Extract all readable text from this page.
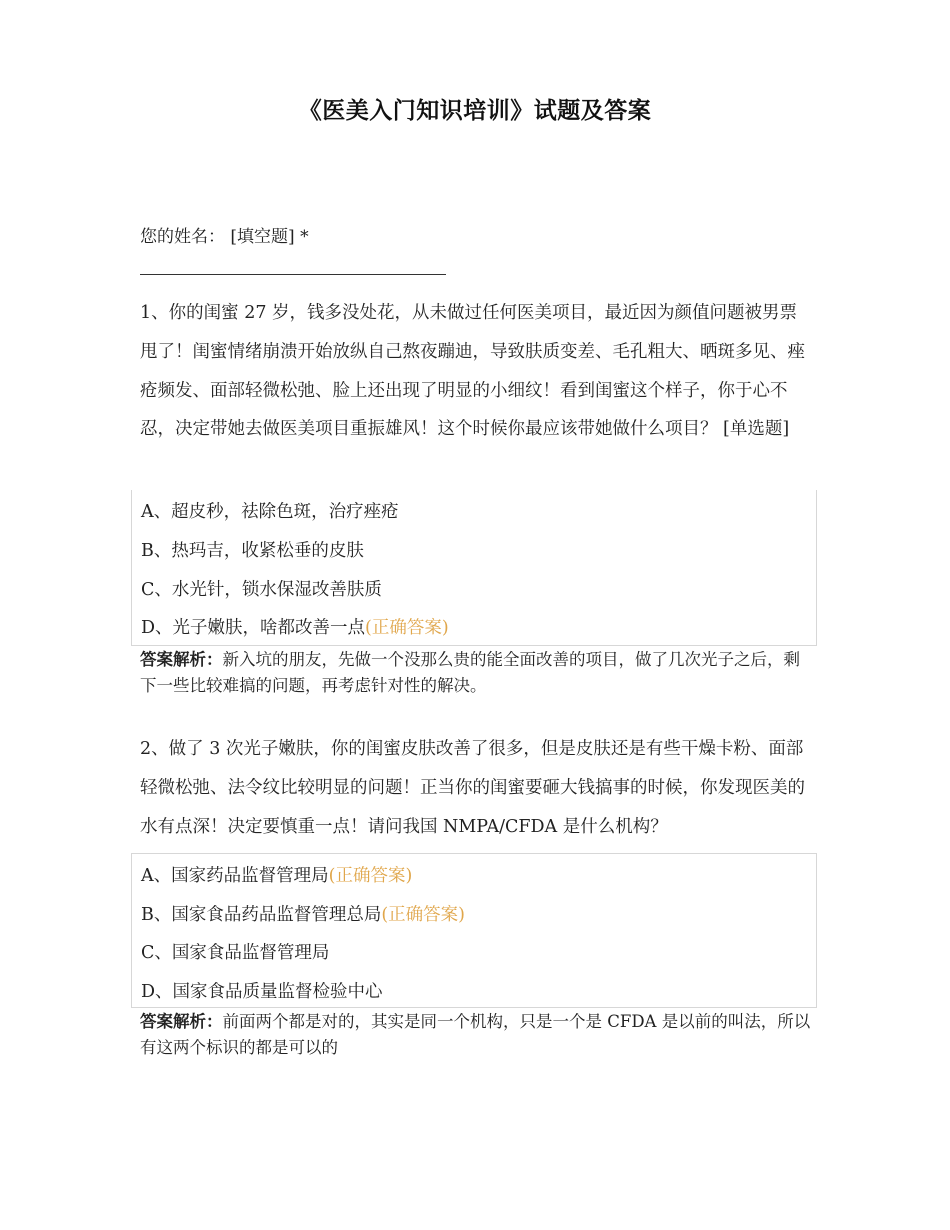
《医美入门知识培训》试题及答案
您的姓名： [填空题] *
1、你的闺蜜 27 岁，钱多没处花，从未做过任何医美项目，最近因为颜值问题被男票甩了！闺蜜情绪崩溃开始放纵自己熬夜蹦迪，导致肤质变差、毛孔粗大、晒斑多见、痤疮频发、面部轻微松弛、脸上还出现了明显的小细纹！看到闺蜜这个样子，你于心不忍，决定带她去做医美项目重振雄风！这个时候你最应该带她做什么项目？ [单选题]
A、超皮秒，祛除色斑，治疗痤疮
B、热玛吉，收紧松垂的皮肤
C、水光针，锁水保湿改善肤质
D、光子嫩肤，啥都改善一点(正确答案)
答案解析：新入坑的朋友，先做一个没那么贵的能全面改善的项目，做了几次光子之后，剩下一些比较难搞的问题，再考虑针对性的解决。
2、做了 3 次光子嫩肤，你的闺蜜皮肤改善了很多，但是皮肤还是有些干燥卡粉、面部轻微松弛、法令纹比较明显的问题！正当你的闺蜜要砸大钱搞事的时候，你发现医美的水有点深！决定要慎重一点！请问我国 NMPA/CFDA 是什么机构？
A、国家药品监督管理局(正确答案)
B、国家食品药品监督管理总局(正确答案)
C、国家食品监督管理局
D、国家食品质量监督检验中心
答案解析：前面两个都是对的，其实是同一个机构，只是一个是 CFDA 是以前的叫法，所以有这两个标识的都是可以的
